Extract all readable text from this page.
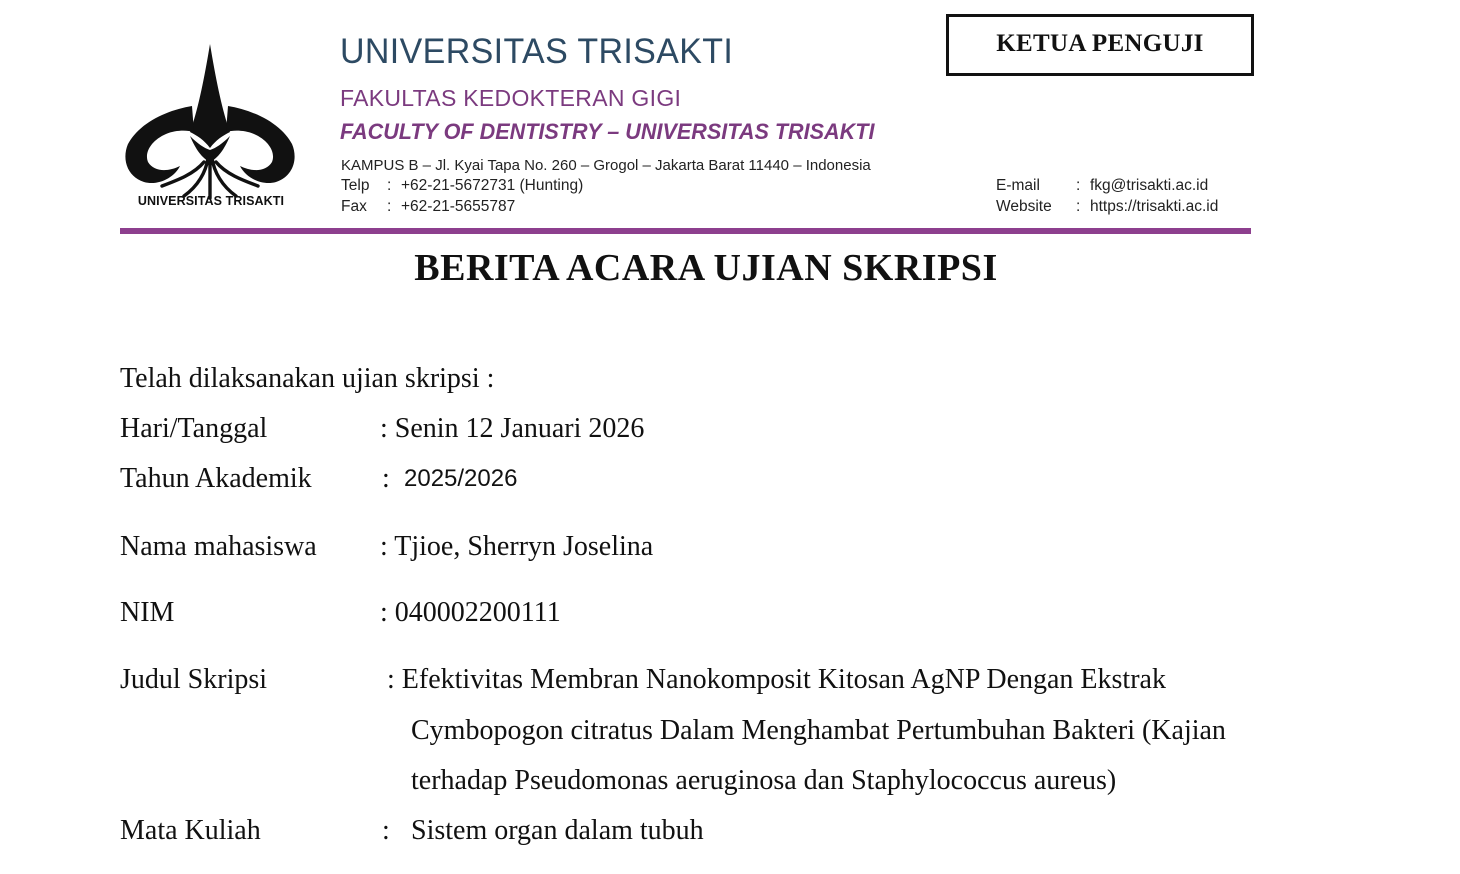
UNIVERSITAS TRISAKTI
UNIVERSITAS TRISAKTI
FAKULTAS KEDOKTERAN GIGI
FACULTY OF DENTISTRY – UNIVERSITAS TRISAKTI
KAMPUS B – Jl. Kyai Tapa No. 260 – Grogol – Jakarta Barat 11440 – Indonesia
Telp : +62-21-5672731 (Hunting)
Fax : +62-21-5655787
E-mail : fkg@trisakti.ac.id
Website : https://trisakti.ac.id
KETUA PENGUJI
BERITA ACARA UJIAN SKRIPSI
Telah dilaksanakan ujian skripsi :
Hari/Tanggal	: Senin 12 Januari 2026
Tahun Akademik	: 2025/2026
Nama mahasiswa : Tjioe, Sherryn Joselina
NIM	: 040002200111
Judul Skripsi	: Efektivitas Membran Nanokomposit Kitosan AgNP Dengan Ekstrak
Cymbopogon citratus Dalam Menghambat Pertumbuhan Bakteri (Kajian
terhadap Pseudomonas aeruginosa dan Staphylococcus aureus)
Mata Kuliah	: Sistem organ dalam tubuh
